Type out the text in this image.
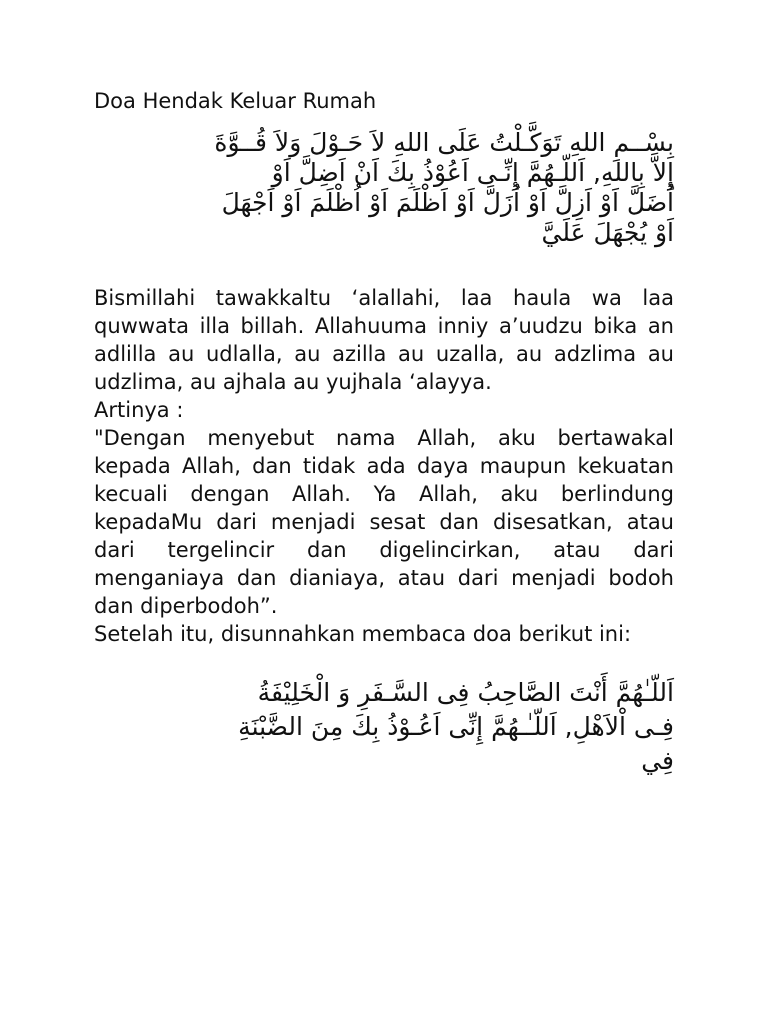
Doa Hendak Keluar Rumah
بِسْــمِ اللهِ تَوَكَّـلْتُ عَلَى اللهِ لاَ حَـوْلَ وَلاَ قُــوَّةَ
إِلاَّ بِاللهِ, اَللّـهُمَّ إِنِّـى اَعُوْذُ بِكَ اَنْ اَضِلَّ اَوْ
اُضَلَّ اَوْ اَزِلَّ اَوْ اُزَلَّ اَوْ اَظْلَمَ اَوْ اُظْلَمَ اَوْ اَجْهَلَ
اَوْ يُجْهَلَ عَلَيَّ

Bismillahi tawakkaltu ‘alallahi, laa haula wa laa quwwata illa billah. Allahuuma inniy a’uudzu bika an adlilla au udlalla, au azilla au uzalla, au adzlima au udzlima, au ajhala au yujhala ‘alayya.

Artinya :

"Dengan menyebut nama Allah, aku bertawakal kepada Allah, dan tidak ada daya maupun kekuatan kecuali dengan Allah. Ya Allah, aku berlindung kepadaMu dari menjadi sesat dan disesatkan, atau dari tergelincir dan digelincirkan, atau dari menganiaya dan dianiaya, atau dari menjadi bodoh dan diperbodoh”.

Setelah itu, disunnahkan membaca doa berikut ini:

اَللّـٰهُمَّ أَنْتَ الصَّاحِبُ فِى السَّـفَرِ وَ الْخَلِيْفَةُ
فِـى اْلاَهْلِ, اَللّـٰـهُمَّ إِنِّى اَعُـوْذُ بِكَ مِنَ الضَّبْنَةِ
فِي
